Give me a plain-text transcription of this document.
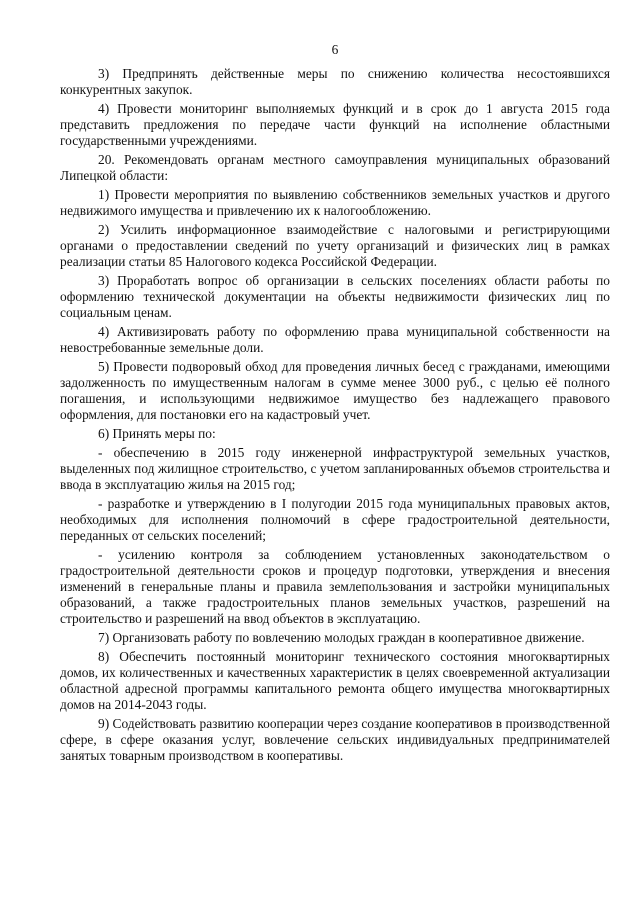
6

3) Предпринять действенные меры по снижению количества несостоявшихся конкурентных закупок.

4) Провести мониторинг выполняемых функций и в срок до 1 августа 2015 года представить предложения по передаче части функций на исполнение областными государственными учреждениями.

20. Рекомендовать органам местного самоуправления муниципальных образований Липецкой области:

1) Провести мероприятия по выявлению собственников земельных участков и другого недвижимого имущества и привлечению их к налогообложению.

2) Усилить информационное взаимодействие с налоговыми и регистрирующими органами о предоставлении сведений по учету организаций и физических лиц в рамках реализации статьи 85 Налогового кодекса Российской Федерации.

3) Проработать вопрос об организации в сельских поселениях области работы по оформлению технической документации на объекты недвижимости физических лиц по социальным ценам.

4) Активизировать работу по оформлению права муниципальной собственности на невостребованные земельные доли.

5) Провести подворовый обход для проведения личных бесед с гражданами, имеющими задолженность по имущественным налогам в сумме менее 3000 руб., с целью её полного погашения, и использующими недвижимое имущество без надлежащего правового оформления, для постановки его на кадастровый учет.

6) Принять меры по:

- обеспечению в 2015 году инженерной инфраструктурой земельных участков, выделенных под жилищное строительство, с учетом запланированных объемов строительства и ввода в эксплуатацию жилья на 2015 год;

- разработке и утверждению в I полугодии 2015 года муниципальных правовых актов, необходимых для исполнения полномочий в сфере градостроительной деятельности, переданных от сельских поселений;

- усилению контроля за соблюдением установленных законодательством о градостроительной деятельности сроков и процедур подготовки, утверждения и внесения изменений в генеральные планы и правила землепользования и застройки муниципальных образований, а также градостроительных планов земельных участков, разрешений на строительство и разрешений на ввод объектов в эксплуатацию.

7) Организовать работу по вовлечению молодых граждан в кооперативное движение.

8) Обеспечить постоянный мониторинг технического состояния многоквартирных домов, их количественных и качественных характеристик в целях своевременной актуализации областной адресной программы капитального ремонта общего имущества многоквартирных домов на 2014-2043 годы.

9) Содействовать развитию кооперации через создание кооперативов в производственной сфере, в сфере оказания услуг, вовлечение сельских индивидуальных предпринимателей занятых товарным производством в кооперативы.
